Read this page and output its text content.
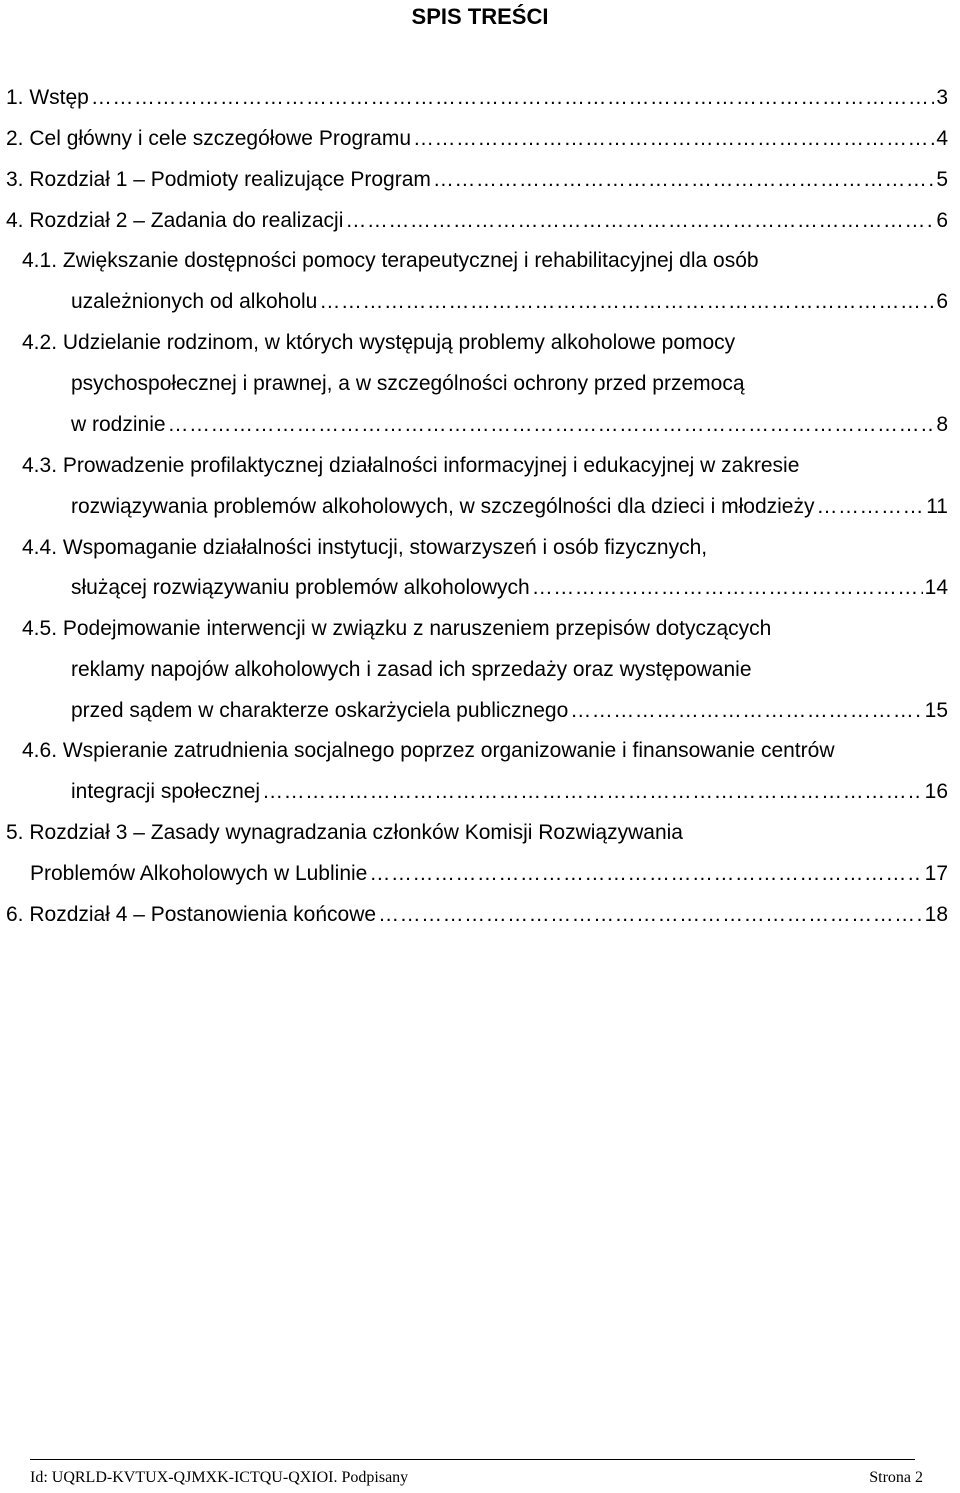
SPIS TREŚCI
1. Wstęp ……………………………………………………………………………………………………………………………………………………………………	3
2. Cel główny i cele szczegółowe Programu ……………………………………………………………………………………………………………………………………………………………………	4
3. Rozdział 1 – Podmioty realizujące Program ……………………………………………………………………………………………………………………………………………………………………	5
4. Rozdział 2 – Zadania do realizacji ……………………………………………………………………………………………………………………………………………………………………	6
4.1. Zwiększanie dostępności pomocy terapeutycznej i rehabilitacyjnej dla osób
uzależnionych od alkoholu ……………………………………………………………………………………………………………………………………………………………………	6
4.2. Udzielanie rodzinom, w których występują problemy alkoholowe pomocy
psychospołecznej i prawnej, a w szczególności ochrony przed przemocą
w rodzinie ……………………………………………………………………………………………………………………………………………………………………	8
4.3. Prowadzenie profilaktycznej działalności informacyjnej i edukacyjnej w zakresie
rozwiązywania problemów alkoholowych, w szczególności dla dzieci i młodzieży ……………………………………………………………………………………………………………………………………………………………………	11
4.4. Wspomaganie działalności instytucji, stowarzyszeń i osób fizycznych,
służącej rozwiązywaniu problemów alkoholowych ……………………………………………………………………………………………………………………………………………………………………	14
4.5. Podejmowanie interwencji w związku z naruszeniem przepisów dotyczących
reklamy napojów alkoholowych i zasad ich sprzedaży oraz występowanie
przed sądem w charakterze oskarżyciela publicznego ……………………………………………………………………………………………………………………………………………………………………	15
4.6. Wspieranie zatrudnienia socjalnego poprzez organizowanie i finansowanie centrów
integracji społecznej ……………………………………………………………………………………………………………………………………………………………………	16
5. Rozdział 3 – Zasady wynagradzania członków Komisji Rozwiązywania
Problemów Alkoholowych w Lublinie ……………………………………………………………………………………………………………………………………………………………………	17
6. Rozdział 4 – Postanowienia końcowe ……………………………………………………………………………………………………………………………………………………………………	18
Id: UQRLD-KVTUX-QJMXK-ICTQU-QXIOI. Podpisany	Strona 2
